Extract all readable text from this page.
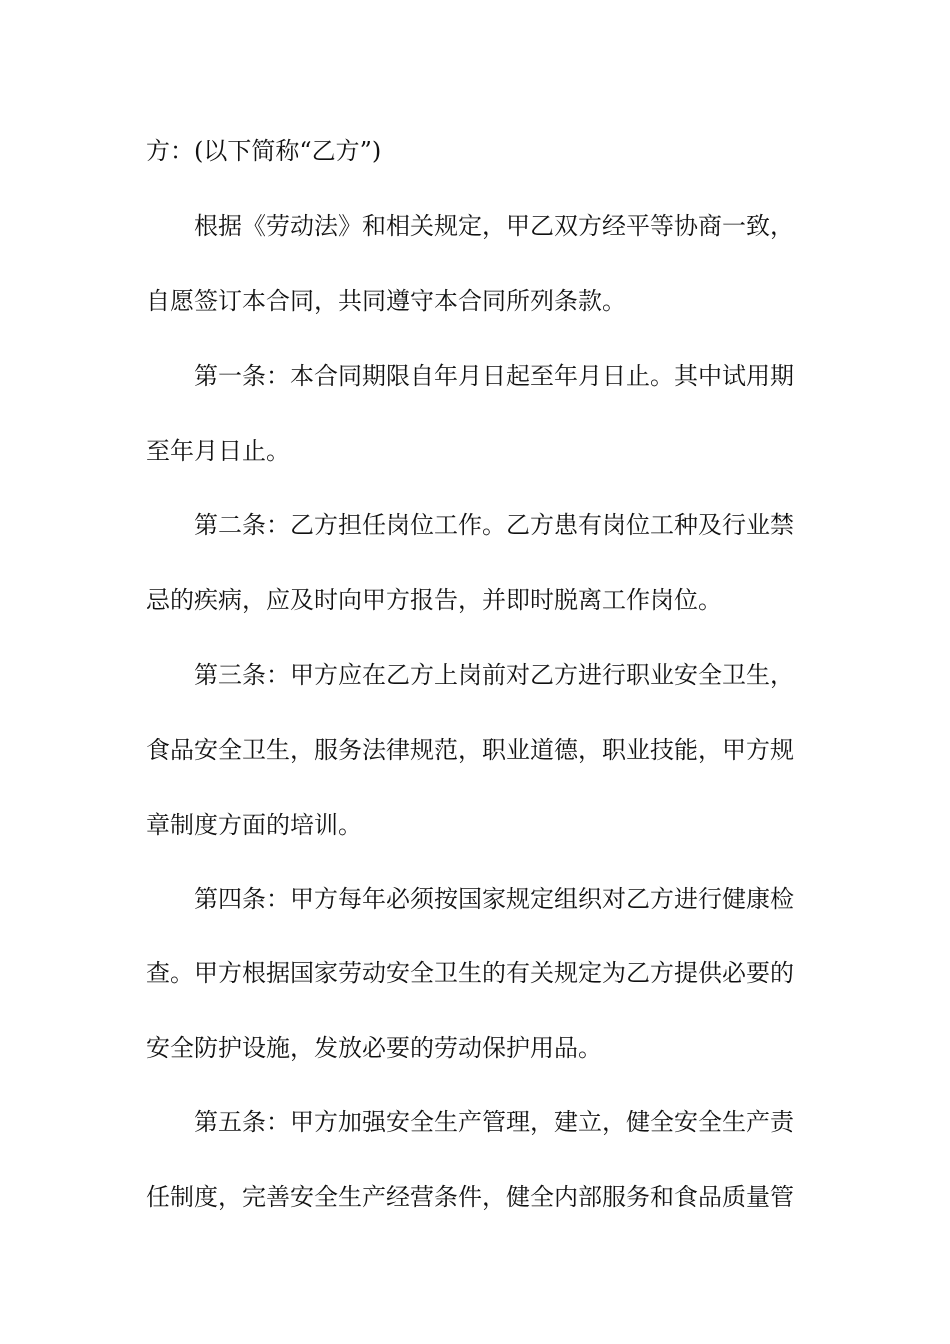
方：(以下简称“乙方”)
根据《劳动法》和相关规定，甲乙双方经平等协商一致，
自愿签订本合同，共同遵守本合同所列条款。
第一条：本合同期限自年月日起至年月日止。其中试用期
至年月日止。
第二条：乙方担任岗位工作。乙方患有岗位工种及行业禁
忌的疾病，应及时向甲方报告，并即时脱离工作岗位。
第三条：甲方应在乙方上岗前对乙方进行职业安全卫生，
食品安全卫生，服务法律规范，职业道德，职业技能，甲方规
章制度方面的培训。
第四条：甲方每年必须按国家规定组织对乙方进行健康检
查。甲方根据国家劳动安全卫生的有关规定为乙方提供必要的
安全防护设施，发放必要的劳动保护用品。
第五条：甲方加强安全生产管理，建立，健全安全生产责
任制度，完善安全生产经营条件，健全内部服务和食品质量管
